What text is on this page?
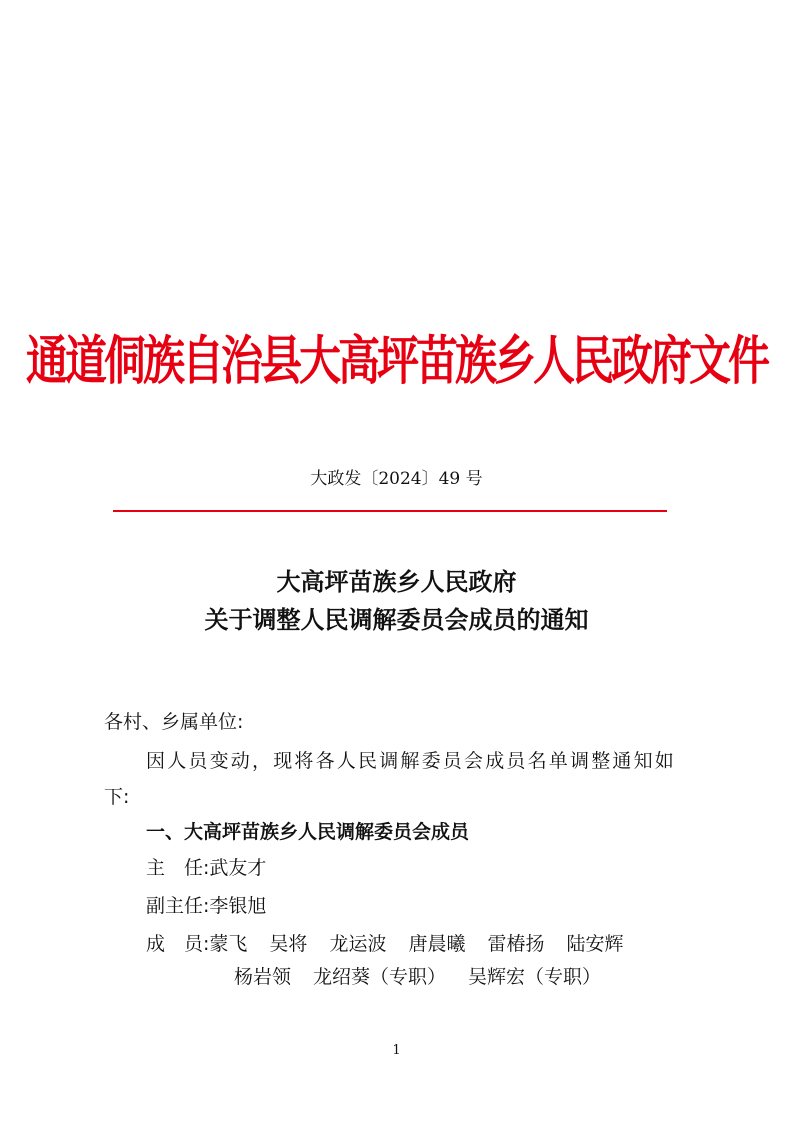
通道侗族自治县大高坪苗族乡人民政府文件
大政发〔2024〕49 号
大高坪苗族乡人民政府
关于调整人民调解委员会成员的通知
各村、乡属单位:
因人员变动，现将各人民调解委员会成员名单调整通知如
下:
一、大高坪苗族乡人民调解委员会成员
主　任:武友才
副主任:李银旭
成　员:蒙飞 吴将 龙运波 唐晨曦 雷椿扬 陆安辉
杨岩领 龙绍葵（专职） 吴辉宏（专职）
1
